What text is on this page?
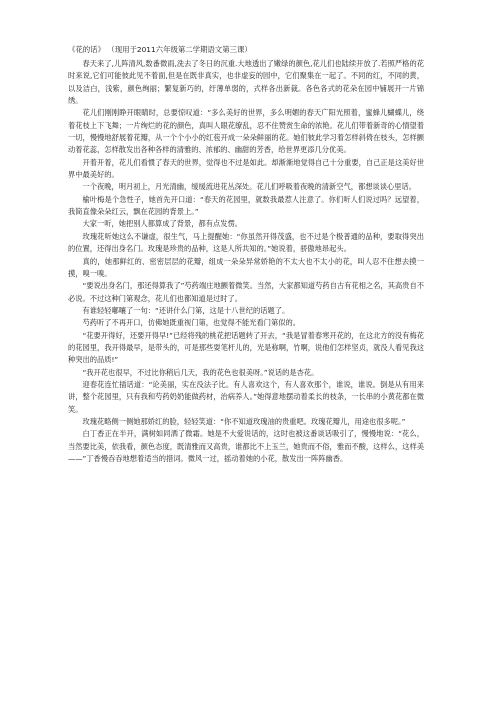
《花的话》 （现用于2011六年级第二学期语文第三课）

春天来了,儿阵清风,数番微雨,洗去了冬日的沉重.大地透出了嫩绿的颜色,花儿们也陆续开放了.若照严格的花时来说,它们可能彼此见不着面,但是在既非真实，也非虚妄的园中，它们聚集在一起了。不同的红，不同的黄，以及洁白，浅紫，颜色绚丽；繁复新巧的，纡薄单弱的，式样各出新裁。各色各式的花朵在园中铺展开一片锦绣。

花儿们刚刚睁开眼睛时，总要惊叹道：“多么美好的世界，多么明媚的春天广阳光照着，蜜蜂儿蝴蝶儿，绕着花枝上下飞舞；一片绚烂的花的颜色，真叫人眼花缭乱，忍不住赞赏生命的浓艳。花儿们带着新奇的心情望着一切，慢慢地舒展着花瓣，从一个个小小的红苞开成一朵朵鲜丽的花。她们彼此学习着怎样斜倚在枝头，怎样颤动着花蕊，怎样散发出各种各样的清雅的、浓郁的、幽甜的芳香，给世界更添几分优美。

开着开着，花儿们看惯了春天的世界，觉得也不过是如此。却渐渐地觉得自己十分重要，自己正是这美好世界中最美好的。

一个夜晚，明月初上，月光清幽，缓缓流进花丛深处。花儿们呼吸着夜晚的清新空气，都想谈谈心里话。

榆叶梅是个急性子，她首先开口道：“春天的花园里，就数我最惹人注意了。你们听人们说过吗？远望着，我简直像朵朵红云，飘在花园的背景上。”

大家一听，她把别人都算成了背景，都有点发愣。

玫瑰花听她这么不谦虚，很生气，马上提醒她：“你虽然开得茂盛，也不过是个极普通的品种，要取得突出的位置，还得出身名门。玫瑰是珍贵的品种，这是人所共知的。”她说着，骄傲地昂起头。

真的，她那鲜红的、密密层层的花瓣，组成一朵朵异常娇艳的不太大也不太小的花，叫人忍不住想去摸一摸，嗅一嗅。

“要说出身名门，那还得算我了”芍药端庄地颤着微笑。当然，大家都知道芍药自古有花相之名，其高贵自不必说。不过这种门第观念，花儿们也都知道是过时了。

有谁轻轻嘟嚷了一句：“还讲什么门第，这是十八世纪的话题了。

芍药听了不再开口，仿佛她既重视门第，也觉得不能光看门第似的。

“花要开得好，还要开得早!”已经将残的桃花把话题转了开去，“我是冒着春寒开花的，在这北方的没有梅花的花园里，我开得最早，是带头的，可是那些耍笔杆儿的，光是称啊，竹啊，说他们怎样坚贞，就没人看见我这种突出的品质!”

“我开花也很早，不过比你稍后几天，我的花色也很美呀。”说话的是杏花。

迎春花连忙插话道：“论美丽，实在没法子比。有人喜欢这个，有人喜欢那个，谁说，谁说。倒是从有用来讲，整个花园里，只有我和芍药奶奶能做药材，治病养人。”她得意地摆动着柔长的枝条，一长串的小黄花都在微笑。

玫瑰花略侧一侧她那娇红的脸，轻轻笑道：“你不知道玫瑰油的贵重吧。玫瑰花瓣儿，用途也很多呢。”

白丁香正在半开，满树如同洒了微霜。她是不大爱说话的，这时也被这番谈话吸引了，慢慢地说：“花么，当然要比美，依我看，颜色态度，既清雅而又高贵，谁都比不上玉兰，她贵而不俗，雅而不酸，这样么，这样美——”丁香慢吞吞地想着适当的措词。微风一过，摇动着她的小花，散发出一阵阵幽香。
